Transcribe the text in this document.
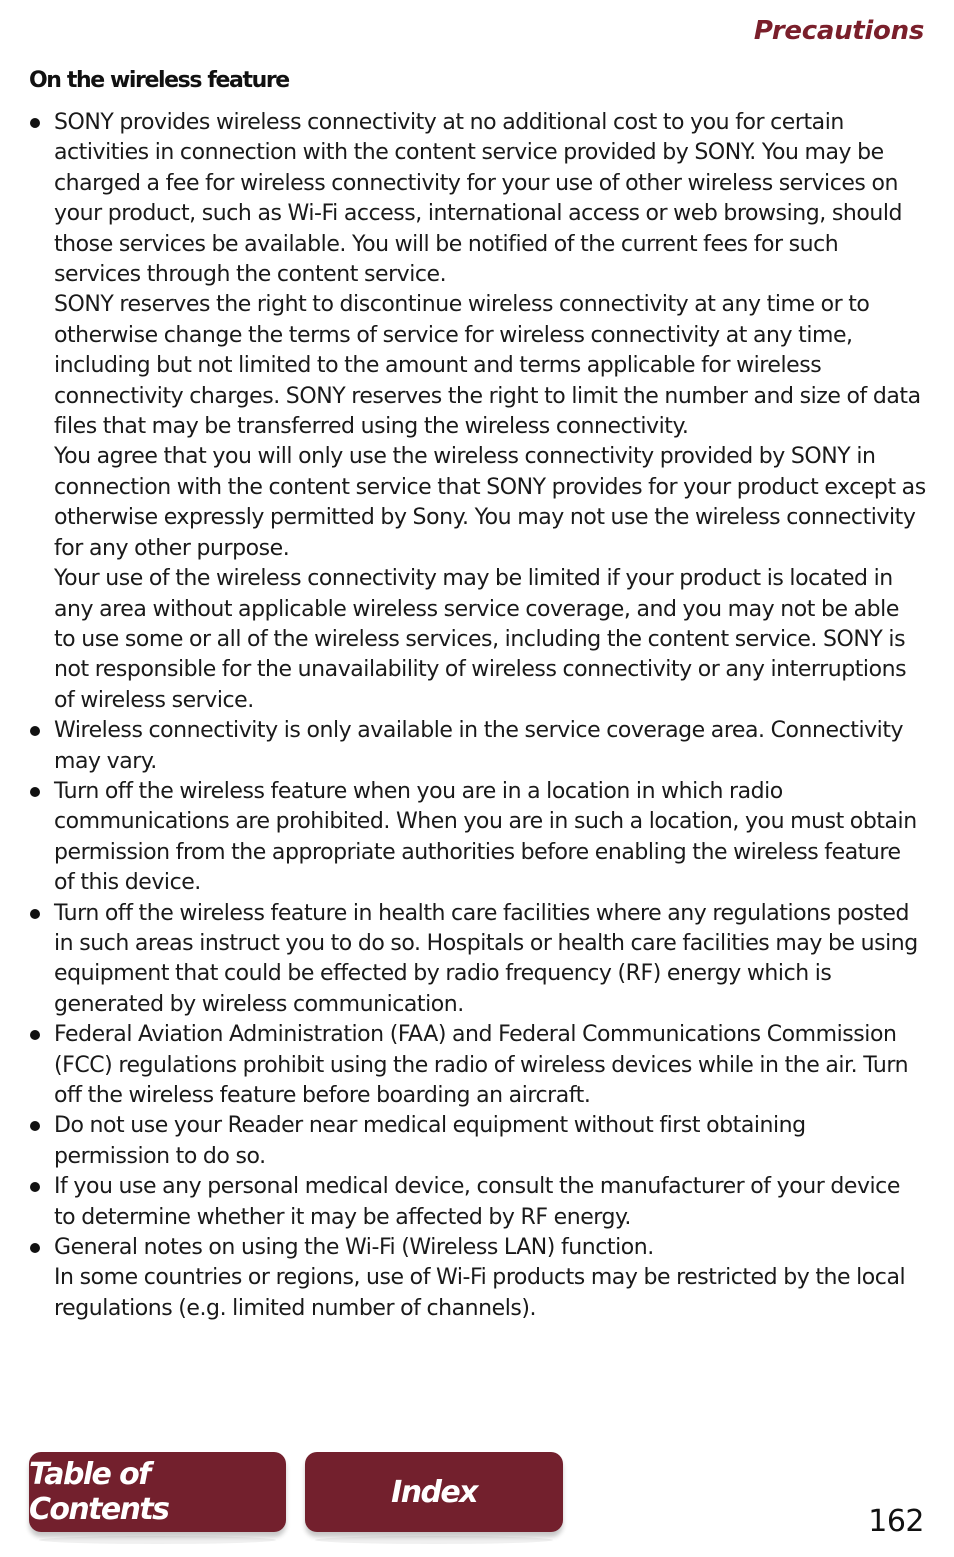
Precautions
On the wireless feature

SONY provides wireless connectivity at no additional cost to you for certain activities in connection with the content service provided by SONY. You may be charged a fee for wireless connectivity for your use of other wireless services on your product, such as Wi-Fi access, international access or web browsing, should those services be available. You will be notified of the current fees for such services through the content service.

SONY reserves the right to discontinue wireless connectivity at any time or to otherwise change the terms of service for wireless connectivity at any time, including but not limited to the amount and terms applicable for wireless connectivity charges. SONY reserves the right to limit the number and size of data files that may be transferred using the wireless connectivity.

You agree that you will only use the wireless connectivity provided by SONY in connection with the content service that SONY provides for your product except as otherwise expressly permitted by Sony. You may not use the wireless connectivity for any other purpose.

Your use of the wireless connectivity may be limited if your product is located in any area without applicable wireless service coverage, and you may not be able to use some or all of the wireless services, including the content service. SONY is not responsible for the unavailability of wireless connectivity or any interruptions of wireless service.

Wireless connectivity is only available in the service coverage area. Connectivity may vary.

Turn off the wireless feature when you are in a location in which radio communications are prohibited. When you are in such a location, you must obtain permission from the appropriate authorities before enabling the wireless feature of this device.

Turn off the wireless feature in health care facilities where any regulations posted in such areas instruct you to do so. Hospitals or health care facilities may be using equipment that could be effected by radio frequency (RF) energy which is generated by wireless communication.

Federal Aviation Administration (FAA) and Federal Communications Commission (FCC) regulations prohibit using the radio of wireless devices while in the air. Turn off the wireless feature before boarding an aircraft.

Do not use your Reader near medical equipment without first obtaining permission to do so.

If you use any personal medical device, consult the manufacturer of your device to determine whether it may be affected by RF energy.

General notes on using the Wi-Fi (Wireless LAN) function.

In some countries or regions, use of Wi-Fi products may be restricted by the local regulations (e.g. limited number of channels).

Table of Contents	Index
162
